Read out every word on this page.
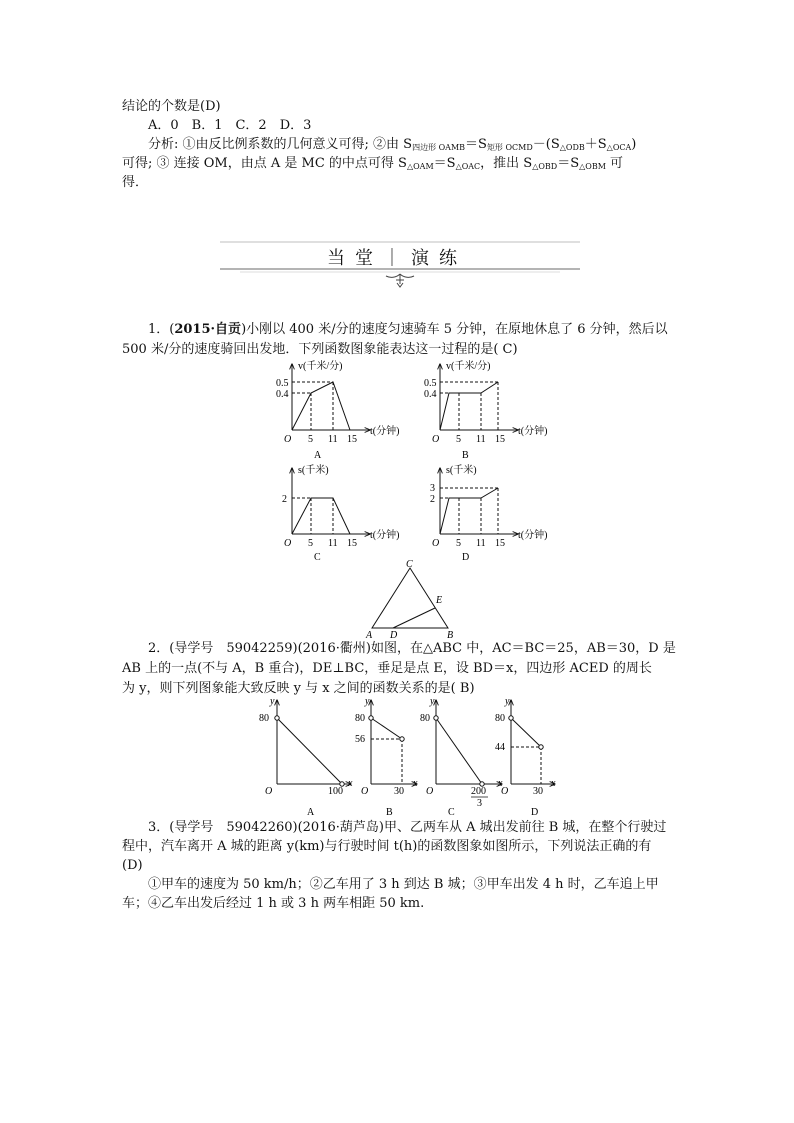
结论的个数是(D)
A．0　B．1　C．2　D．3
分析: ①由反比例系数的几何意义可得; ②由 $S_{四边形 OAMB}=S_{矩形 OCMD}-(S_{\triangle ODB}+S_{\triangle OCA})$
可得; ③ 连接 OM，由点 A 是 MC 的中点可得 $S_{\triangle OAM}=S_{\triangle OAC}$，推出 $S_{\triangle OBD}=S_{\triangle OBM}$ 可
得．
当堂｜演练
1．(2015·自贡)小刚以 400 米/分的速度匀速骑车 5 分钟，在原地休息了 6 分钟，然后以
500 米/分的速度骑回出发地．下列函数图象能表达这一过程的是( C)
v(千米/分)
0.5
0.4
O 5 11 15
t(分钟)
A
v(千米/分)
0.5
0.4
O 5 11 15
t(分钟)
B
s(千米)
2
O 5 11 15
t(分钟)
C
s(千米)
3
2
O 5 11 15
t(分钟)
D
C
E
A D	B
2．(导学号　59042259)(2016·衢州)如图，在△ABC 中，AC＝BC＝25，AB＝30，D 是
AB 上的一点(不与 A，B 重合)，DE⊥BC，垂足是点 E，设 BD＝x，四边形 ACED 的周长
为 y，则下列图象能大致反映 y 与 x 之间的函数关系的是( B)
y
80
O	100
x
A
y
80
56
O	30
x
B
y
80
O	200
3
x
C
y
80
44
O 30
x
D
3．(导学号　59042260)(2016·葫芦岛)甲、乙两车从 A 城出发前往 B 城，在整个行驶过
程中，汽车离开 A 城的距离 y(km)与行驶时间 t(h)的函数图象如图所示，下列说法正确的有
(D)
①甲车的速度为 50 km/h；②乙车用了 3 h 到达 B 城；③甲车出发 4 h 时，乙车追上甲
车；④乙车出发后经过 1 h 或 3 h 两车相距 50 km.
